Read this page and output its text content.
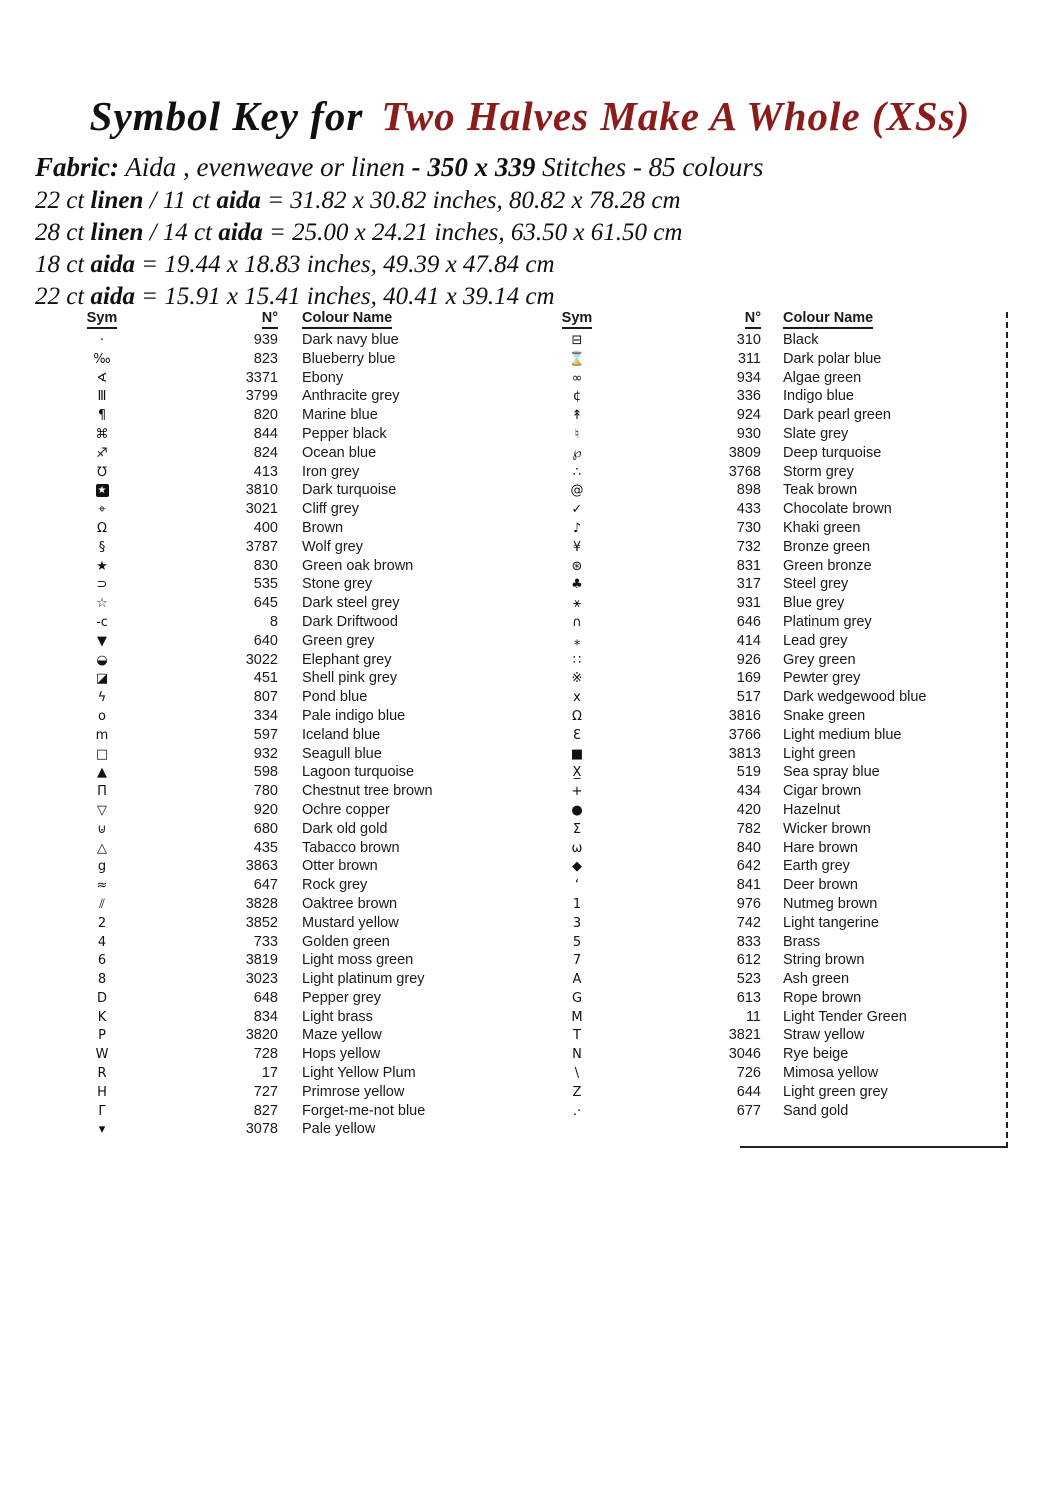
Symbol Key for Two Halves Make A Whole (XSs)

Fabric: Aida , evenweave or linen - 350 x 339 Stitches - 85 colours

22 ct linen / 11 ct aida = 31.82 x 30.82 inches, 80.82 x 78.28 cm

28 ct linen / 14 ct aida = 25.00 x 24.21 inches, 63.50 x 61.50 cm

18 ct aida = 19.44 x 18.83 inches, 49.39 x 47.84 cm

22 ct aida = 15.91 x 15.41 inches, 40.41 x 39.14 cm

Sym	N° Colour Name
·	939 Dark navy blue
‰	823 Blueberry blue
∢	3371 Ebony
Ⅲ	3799 Anthracite grey
¶	820 Marine blue
⌘	844 Pepper black
♐	824 Ocean blue
℧	413 Iron grey
★	3810 Dark turquoise
⌖	3021 Cliff grey
Ω	400 Brown
§	3787 Wolf grey
★	830 Green oak brown
⊃	535 Stone grey
☆	645 Dark steel grey
-c	8 Dark Driftwood
▼	640 Green grey
◒	3022 Elephant grey
◪	451 Shell pink grey
ϟ	807 Pond blue
o	334 Pale indigo blue
m	597 Iceland blue
□	932 Seagull blue
▲	598 Lagoon turquoise
Π	780 Chestnut tree brown
▽	920 Ochre copper
⊍	680 Dark old gold
△	435 Tabacco brown
g	3863 Otter brown
≈	647 Rock grey
⫽	3828 Oaktree brown
2	3852 Mustard yellow
4	733 Golden green
6	3819 Light moss green
8	3023 Light platinum grey
D	648 Pepper grey
K	834 Light brass
P	3820 Maze yellow
W	728 Hops yellow
R	17 Light Yellow Plum
H	727 Primrose yellow
Γ	827 Forget-me-not blue
▾	3078 Pale yellow
Sym	N° Colour Name
⊟	310 Black
⌛	311 Dark polar blue
∞	934 Algae green
¢	336 Indigo blue
↟	924 Dark pearl green
♮	930 Slate grey
℘	3809 Deep turquoise
∴	3768 Storm grey
@	898 Teak brown
✓	433 Chocolate brown
♪	730 Khaki green
¥	732 Bronze green
⊛	831 Green bronze
♣	317 Steel grey
⚹	931 Blue grey
∩	646 Platinum grey
⁎	414 Lead grey
∷	926 Grey green
※	169 Pewter grey
x	517 Dark wedgewood blue
Ω	3816 Snake green
Ɛ	3766 Light medium blue
■	3813 Light green
X̲	519 Sea spray blue
+	434 Cigar brown
●	420 Hazelnut
Σ	782 Wicker brown
ω	840 Hare brown
◆	642 Earth grey
‘	841 Deer brown
1	976 Nutmeg brown
3	742 Light tangerine
5	833 Brass
7	612 String brown
A	523 Ash green
G	613 Rope brown
M	11 Light Tender Green
T	3821 Straw yellow
N	3046 Rye beige
\	726 Mimosa yellow
Z	644 Light green grey
.·	677 Sand gold
